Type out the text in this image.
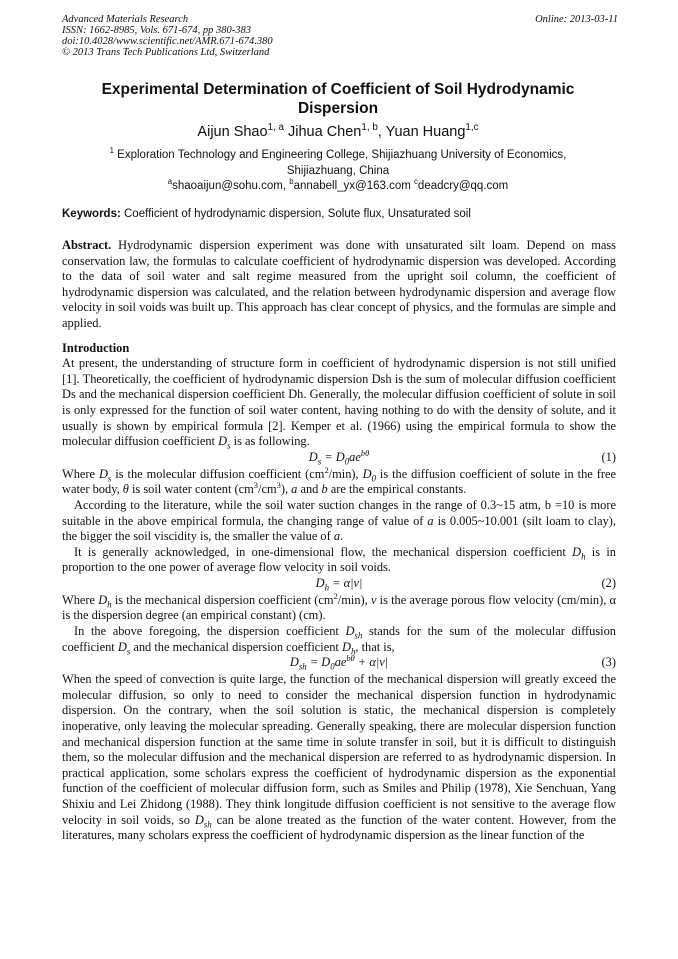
Advanced Materials Research
ISSN: 1662-8985, Vols. 671-674, pp 380-383
doi:10.4028/www.scientific.net/AMR.671-674.380
© 2013 Trans Tech Publications Ltd, Switzerland
Online: 2013-03-11
Experimental Determination of Coefficient of Soil Hydrodynamic Dispersion
Aijun Shao$^{1, a}$ Jihua Chen$^{1, b}$, Yuan Huang$^{1,c}$
$^1$ Exploration Technology and Engineering College, Shijiazhuang University of Economics,
Shijiazhuang, China
$^a$shaoaijun@sohu.com, $^b$annabell_yx@163.com $^c$deadcry@qq.com
Keywords: Coefficient of hydrodynamic dispersion, Solute flux, Unsaturated soil

Abstract. Hydrodynamic dispersion experiment was done with unsaturated silt loam. Depend on mass conservation law, the formulas to calculate coefficient of hydrodynamic dispersion was developed. According to the data of soil water and salt regime measured from the upright soil column, the coefficient of hydrodynamic dispersion was calculated, and the relation between hydrodynamic dispersion and average flow velocity in soil voids was built up. This approach has clear concept of physics, and the formulas are simple and applied.

Introduction

At present, the understanding of structure form in coefficient of hydrodynamic dispersion is not still unified [1]. Theoretically, the coefficient of hydrodynamic dispersion Dsh is the sum of molecular diffusion coefficient Ds and the mechanical dispersion coefficient Dh. Generally, the molecular diffusion coefficient of solute in soil is only expressed for the function of soil water content, having nothing to do with the density of solute, and it usually is shown by empirical formula [2]. Kemper et al. (1966) using the empirical formula to show the molecular diffusion coefficient $D_s$ is as following.

$D_s = D_0ae^{b\theta}$	(1)

Where $D_s$ is the molecular diffusion coefficient $(cm^2/\min)$, $D_0$ is the diffusion coefficient of solute in the free water body, θ is soil water content $(cm^3/cm^3)$, a and b are the empirical constants.

According to the literature, while the soil water suction changes in the range of 0.3~15 atm, b =10 is more suitable in the above empirical formula, the changing range of value of a is 0.005~10.001 (silt loam to clay), the bigger the soil viscidity is, the smaller the value of a.

It is generally acknowledged, in one-dimensional flow, the mechanical dispersion coefficient $D_h$ is in proportion to the one power of average flow velocity in soil voids.

$D_h = \alpha|v|$	(2)

Where $D_h$ is the mechanical dispersion coefficient $(cm^2/\min)$, v is the average porous flow velocity (cm/min), α is the dispersion degree (an empirical constant) (cm).

In the above foregoing, the dispersion coefficient $D_{sh}$ stands for the sum of the molecular diffusion coefficient $D_s$ and the mechanical dispersion coefficient $D_h$, that is,

$D_{sh} = D_0ae^{b\theta} + \alpha|v|$	(3)

When the speed of convection is quite large, the function of the mechanical dispersion will greatly exceed the molecular diffusion, so only to need to consider the mechanical dispersion function in hydrodynamic dispersion. On the contrary, when the soil solution is static, the mechanical dispersion is completely inoperative, only leaving the molecular spreading. Generally speaking, there are molecular dispersion function and mechanical dispersion function at the same time in solute transfer in soil, but it is difficult to distinguish them, so the molecular diffusion and the mechanical dispersion are referred to as hydrodynamic dispersion. In practical application, some scholars express the coefficient of hydrodynamic dispersion as the exponential function of the coefficient of molecular diffusion form, such as Smiles and Philip (1978), Xie Senchuan, Yang Shixiu and Lei Zhidong (1988). They think longitude diffusion coefficient is not sensitive to the average flow velocity in soil voids, so $D_{sh}$ can be alone treated as the function of the water content. However, from the literatures, many scholars express the coefficient of hydrodynamic dispersion as the linear function of the
